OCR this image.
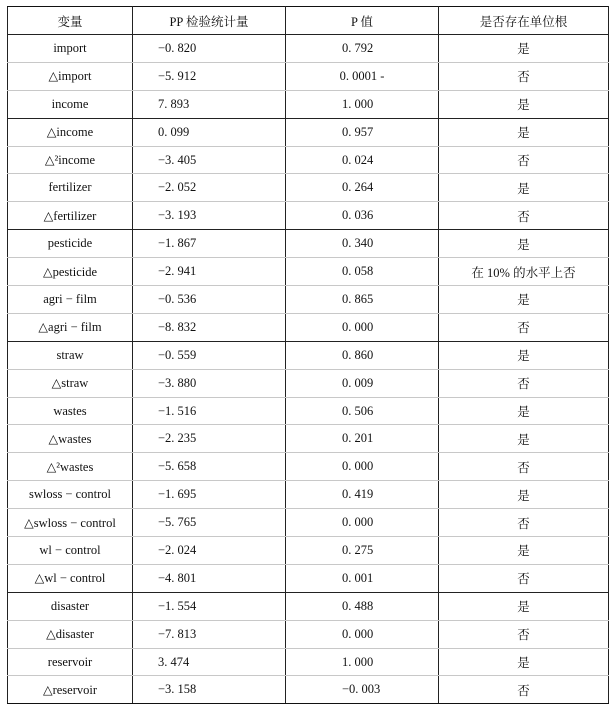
变量	PP 检验统计量	P 值	是否存在单位根
import	−0. 820	0. 792	是
△import	−5. 912	0. 0001 -	否
income	7. 893	1. 000	是
△income	0. 099	0. 957	是
△²income	−3. 405	0. 024	否
fertilizer	−2. 052	0. 264	是
△fertilizer	−3. 193	0. 036	否
pesticide	−1. 867	0. 340	是
△pesticide	−2. 941	0. 058	在 10% 的水平上否
agri − film	−0. 536	0. 865	是
△agri − film	−8. 832	0. 000	否
straw	−0. 559	0. 860	是
△straw	−3. 880	0. 009	否
wastes	−1. 516	0. 506	是
△wastes	−2. 235	0. 201	是
△²wastes	−5. 658	0. 000	否
swloss − control	−1. 695	0. 419	是
△swloss − control	−5. 765	0. 000	否
wl − control	−2. 024	0. 275	是
△wl − control	−4. 801	0. 001	否
disaster	−1. 554	0. 488	是
△disaster	−7. 813	0. 000	否
reservoir	3. 474	1. 000	是
△reservoir	−3. 158	−0. 003	否
